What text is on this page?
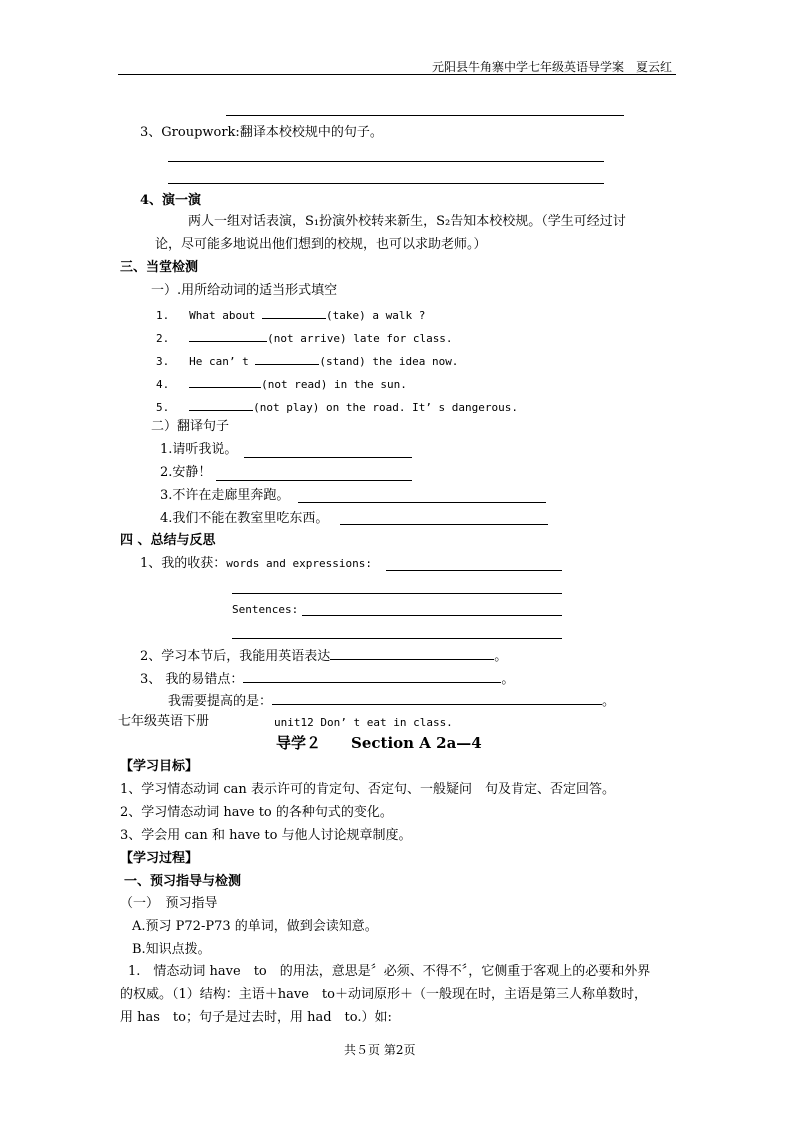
元阳县牛角寨中学七年级英语导学案　夏云红
3、Groupwork:翻译本校校规中的句子。
4、演一演
两人一组对话表演，S₁扮演外校转来新生，S₂告知本校校规。（学生可经过讨
论，尽可能多地说出他们想到的校规，也可以求助老师。）
三、当堂检测
一）.用所给动词的适当形式填空
1. What about	(take) a walk ?
2.	(not arrive) late for class.
3. He can’ t	(stand) the idea now.
4.	(not read) in the sun.
5.	(not play) on the road. It’ s dangerous.
二）翻译句子
1.请听我说。
2.安静！
3.不许在走廊里奔跑。
4.我们不能在教室里吃东西。
四 、总结与反思
1、我的收获：words and expressions:
Sentences:
2、学习本节后，我能用英语表达	。
3、 我的易错点：	。
我需要提高的是：	。
七年级英语下册	unit12 Don’ t eat in class.
导学２　　Section A 2a—4
【学习目标】
1、学习情态动词 can 表示许可的肯定句、否定句、一般疑问　句及肯定、否定回答。
2、学习情态动词 have to 的各种句式的变化。
3、学会用 can 和 have to 与他人讨论规章制度。
【学习过程】
一、预习指导与检测
（一）　预习指导
A.预习 P72-P73 的单词，做到会读知意。
B.知识点拨。
1.　情态动词 have　to　的用法，意思是〞必须、不得不〞，它侧重于客观上的必要和外界
的权威。（1）结构：主语＋have　to＋动词原形＋（一般现在时，主语是第三人称单数时，
用 has　to；句子是过去时，用 had　to.）如:
共５页 第2页
